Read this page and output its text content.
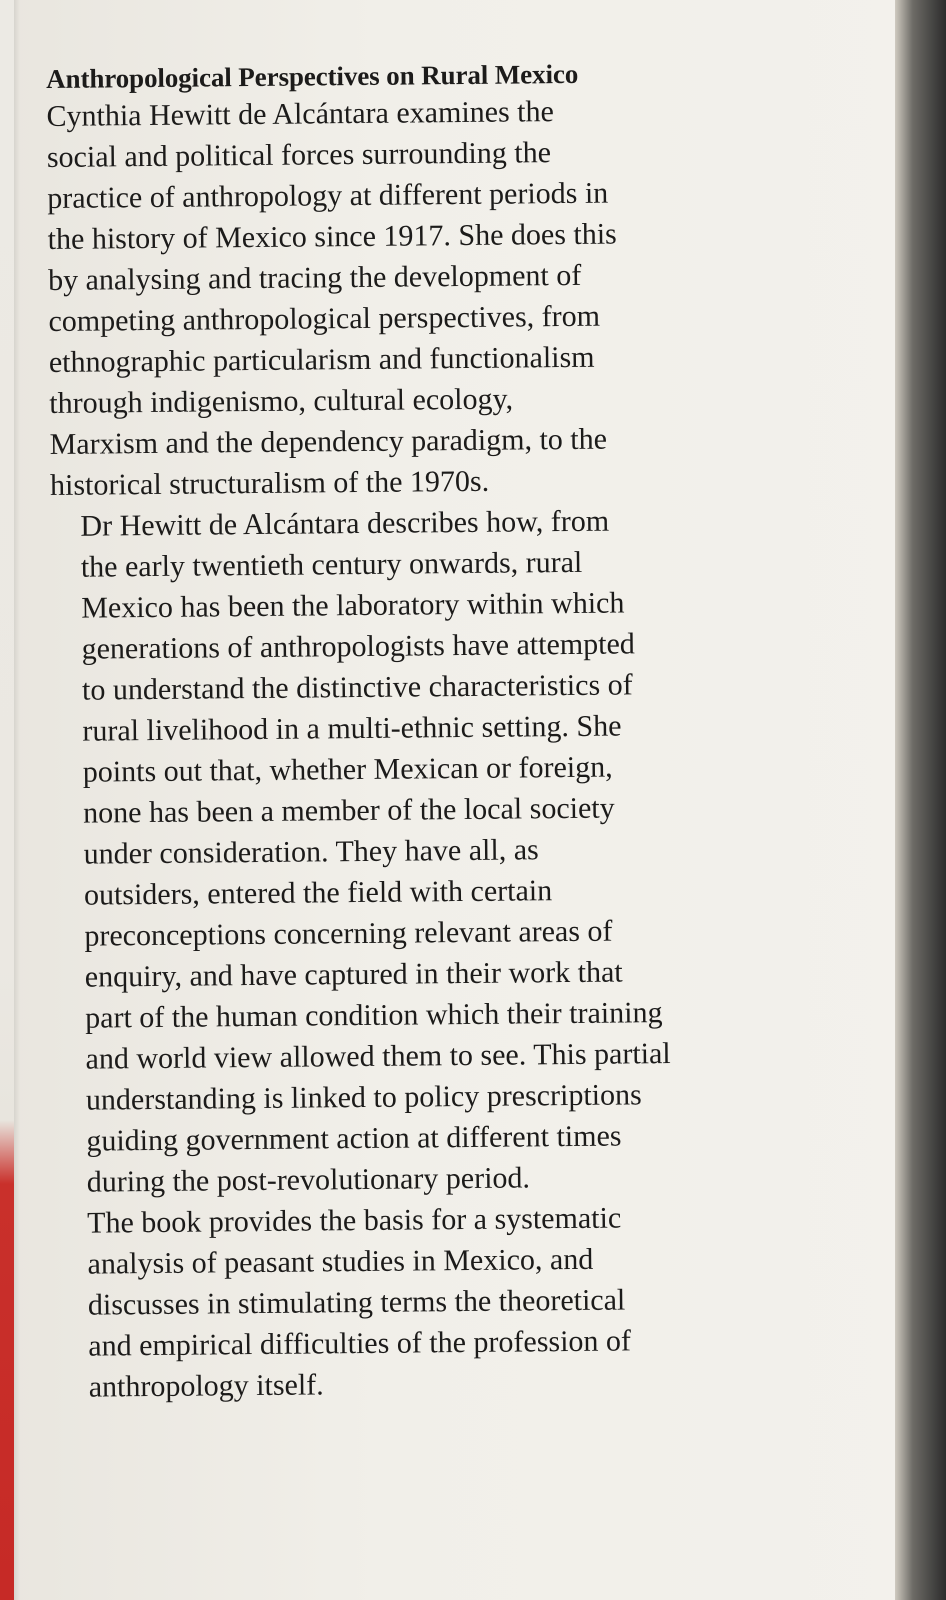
Anthropological Perspectives on Rural Mexico

Cynthia Hewitt de Alcántara examines the
social and political forces surrounding the
practice of anthropology at different periods in
the history of Mexico since 1917. She does this
by analysing and tracing the development of
competing anthropological perspectives, from
ethnographic particularism and functionalism
through indigenismo, cultural ecology,
Marxism and the dependency paradigm, to the
historical structuralism of the 1970s.

Dr Hewitt de Alcántara describes how, from
the early twentieth century onwards, rural
Mexico has been the laboratory within which
generations of anthropologists have attempted
to understand the distinctive characteristics of
rural livelihood in a multi-ethnic setting. She
points out that, whether Mexican or foreign,
none has been a member of the local society
under consideration. They have all, as
outsiders, entered the field with certain
preconceptions concerning relevant areas of
enquiry, and have captured in their work that
part of the human condition which their training
and world view allowed them to see. This partial
understanding is linked to policy prescriptions
guiding government action at different times
during the post-revolutionary period.

The book provides the basis for a systematic
analysis of peasant studies in Mexico, and
discusses in stimulating terms the theoretical
and empirical difficulties of the profession of
anthropology itself.
